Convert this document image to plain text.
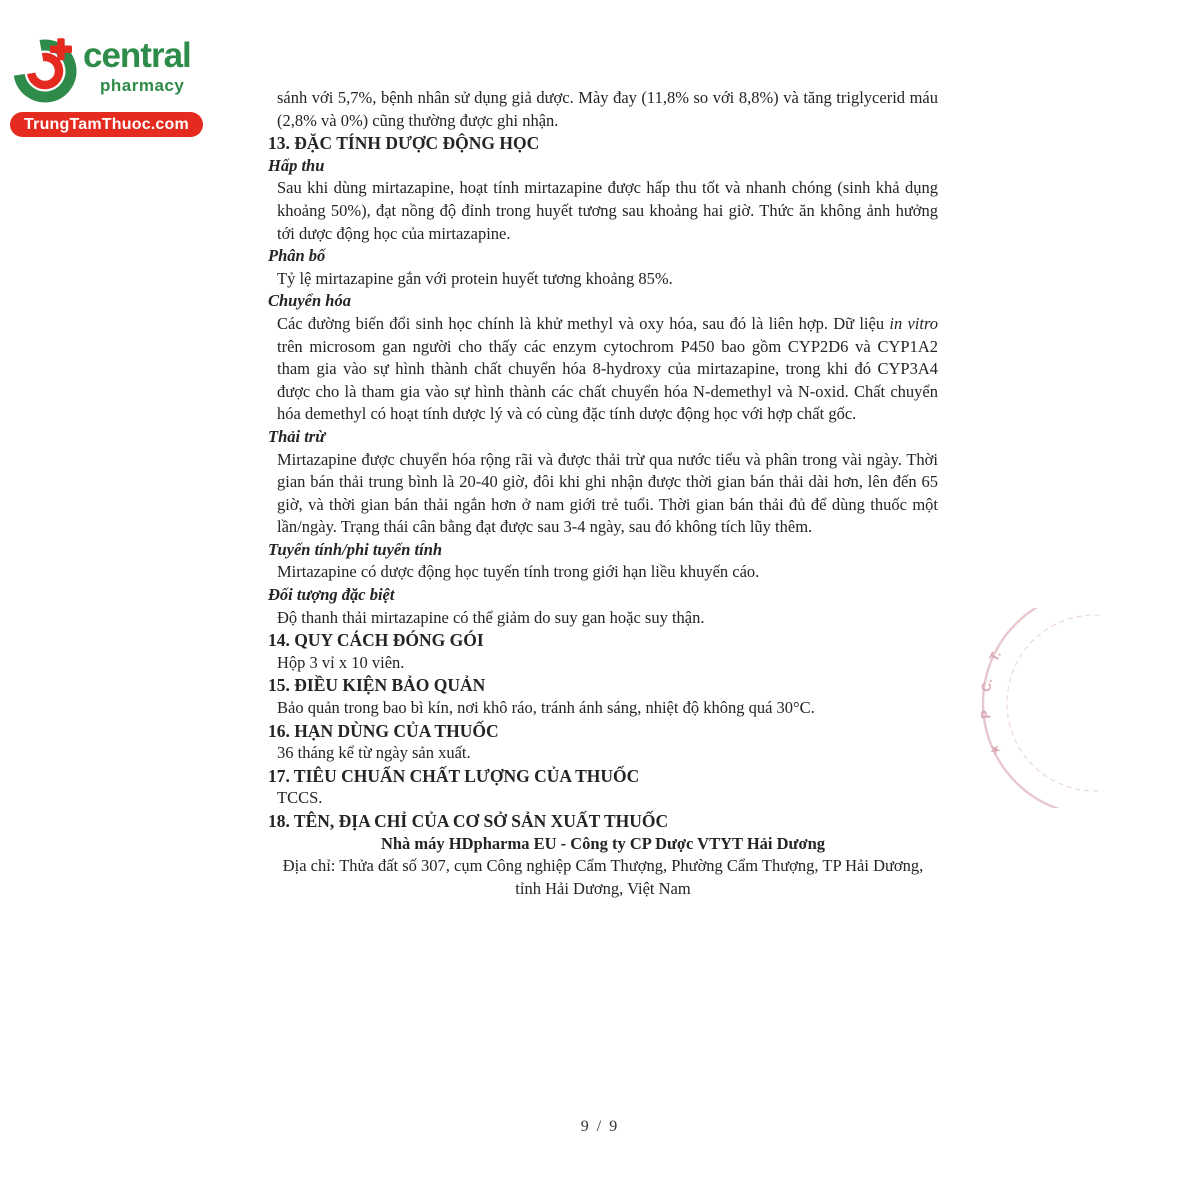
central
pharmacy
TrungTamThuoc.com
sánh với 5,7%, bệnh nhân sử dụng giả dược. Mày đay (11,8% so với 8,8%) và tăng triglycerid máu (2,8% và 0%) cũng thường được ghi nhận.
13. ĐẶC TÍNH DƯỢC ĐỘNG HỌC
Hấp thu
Sau khi dùng mirtazapine, hoạt tính mirtazapine được hấp thu tốt và nhanh chóng (sinh khả dụng khoảng 50%), đạt nồng độ đỉnh trong huyết tương sau khoảng hai giờ. Thức ăn không ảnh hưởng tới dược động học của mirtazapine.
Phân bố
Tỷ lệ mirtazapine gắn với protein huyết tương khoảng 85%.
Chuyển hóa
Các đường biến đổi sinh học chính là khử methyl và oxy hóa, sau đó là liên hợp. Dữ liệu in vitro trên microsom gan người cho thấy các enzym cytochrom P450 bao gồm CYP2D6 và CYP1A2 tham gia vào sự hình thành chất chuyển hóa 8-hydroxy của mirtazapine, trong khi đó CYP3A4 được cho là tham gia vào sự hình thành các chất chuyển hóa N-demethyl và N-oxid. Chất chuyển hóa demethyl có hoạt tính dược lý và có cùng đặc tính dược động học với hợp chất gốc.
Thải trừ
Mirtazapine được chuyển hóa rộng rãi và được thải trừ qua nước tiểu và phân trong vài ngày. Thời gian bán thải trung bình là 20-40 giờ, đôi khi ghi nhận được thời gian bán thải dài hơn, lên đến 65 giờ, và thời gian bán thải ngắn hơn ở nam giới trẻ tuổi. Thời gian bán thải đủ để dùng thuốc một lần/ngày. Trạng thái cân bằng đạt được sau 3-4 ngày, sau đó không tích lũy thêm.
Tuyến tính/phi tuyến tính
Mirtazapine có dược động học tuyến tính trong giới hạn liều khuyến cáo.
Đối tượng đặc biệt
Độ thanh thải mirtazapine có thể giảm do suy gan hoặc suy thận.
14. QUY CÁCH ĐÓNG GÓI
Hộp 3 vỉ x 10 viên.
15. ĐIỀU KIỆN BẢO QUẢN
Bảo quản trong bao bì kín, nơi khô ráo, tránh ánh sáng, nhiệt độ không quá 30°C.
16. HẠN DÙNG CỦA THUỐC
36 tháng kể từ ngày sản xuất.
17. TIÊU CHUẨN CHẤT LƯỢNG CỦA THUỐC
TCCS.
18. TÊN, ĐỊA CHỈ CỦA CƠ SỞ SẢN XUẤT THUỐC
Nhà máy HDpharma EU - Công ty CP Dược VTYT Hải Dương
Địa chỉ: Thửa đất số 307, cụm Công nghiệp Cẩm Thượng, Phường Cẩm Thượng, TP Hải Dương, tỉnh Hải Dương, Việt Nam
T.
C.
P
★
9 / 9
